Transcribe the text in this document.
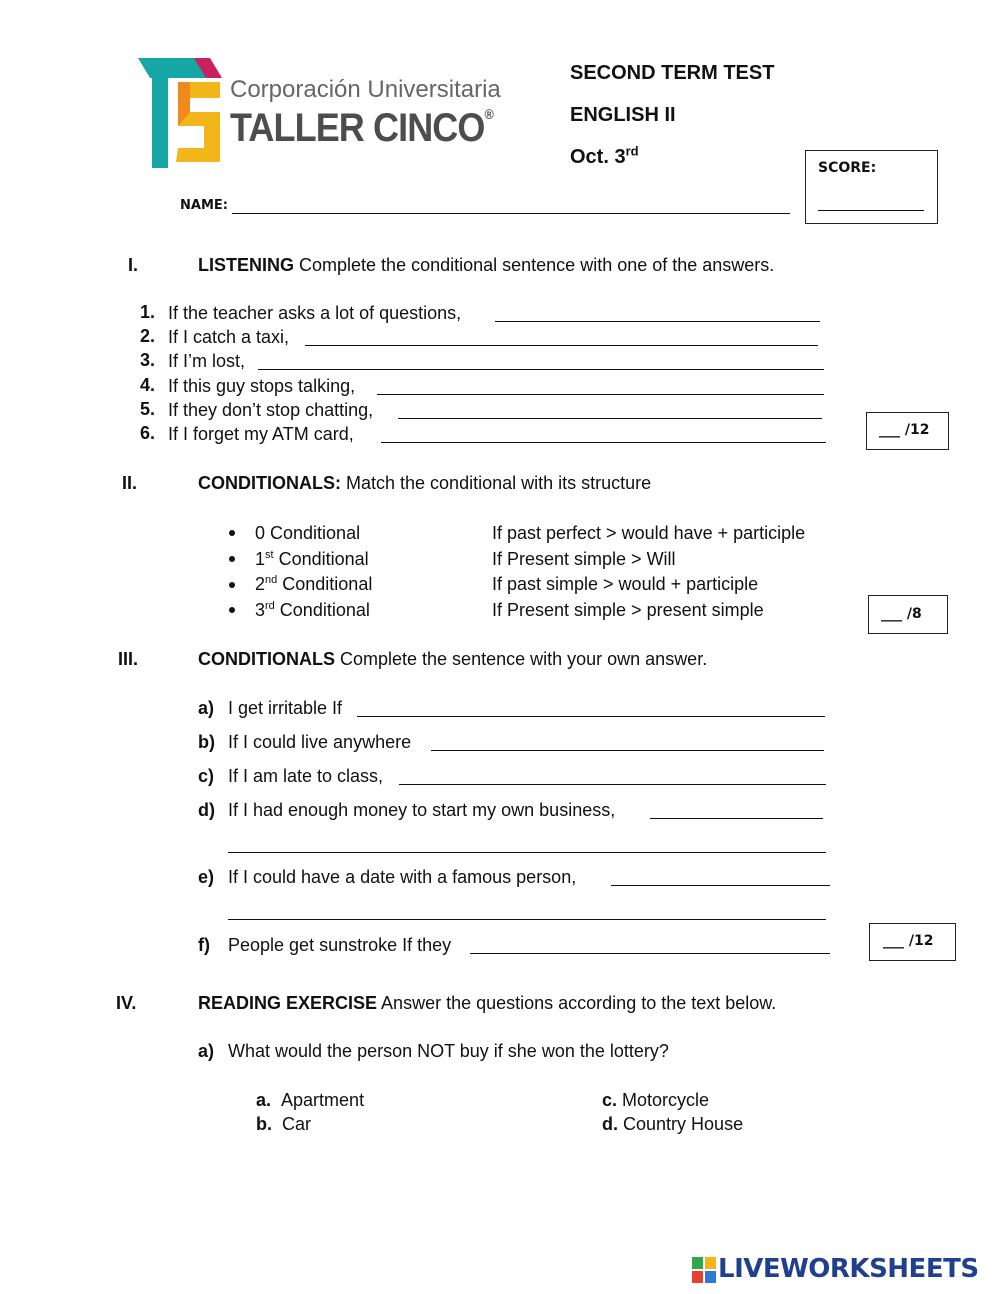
Corporación Universitaria
TALLER CINCO®
SECOND TERM TEST
ENGLISH II
Oct. 3rd
SCORE:
NAME:
I.	LISTENING Complete the conditional sentence with one of the answers.
1. If the teacher asks a lot of questions,
2. If I catch a taxi,
3. If I’m lost,
4. If this guy stops talking,
5. If they don’t stop chatting,
6. If I forget my ATM card,	___ /12
II.	CONDITIONALS: Match the conditional with its structure
0 Conditional	If past perfect > would have + participle
1st Conditional	If Present simple > Will
2nd Conditional	If past simple > would + participle
3rd Conditional	If Present simple > present simple	___ /8
III.	CONDITIONALS Complete the sentence with your own answer.
a) I get irritable If
b) If I could live anywhere
c) If I am late to class,
d) If I had enough money to start my own business,
e) If I could have a date with a famous person,
f) People get sunstroke If they	___ /12
IV.	READING EXERCISE Answer the questions according to the text below.
a) What would the person NOT buy if she won the lottery?
a. Apartment
b. Car
c. Motorcycle
d. Country House
LIVEWORKSHEETS
